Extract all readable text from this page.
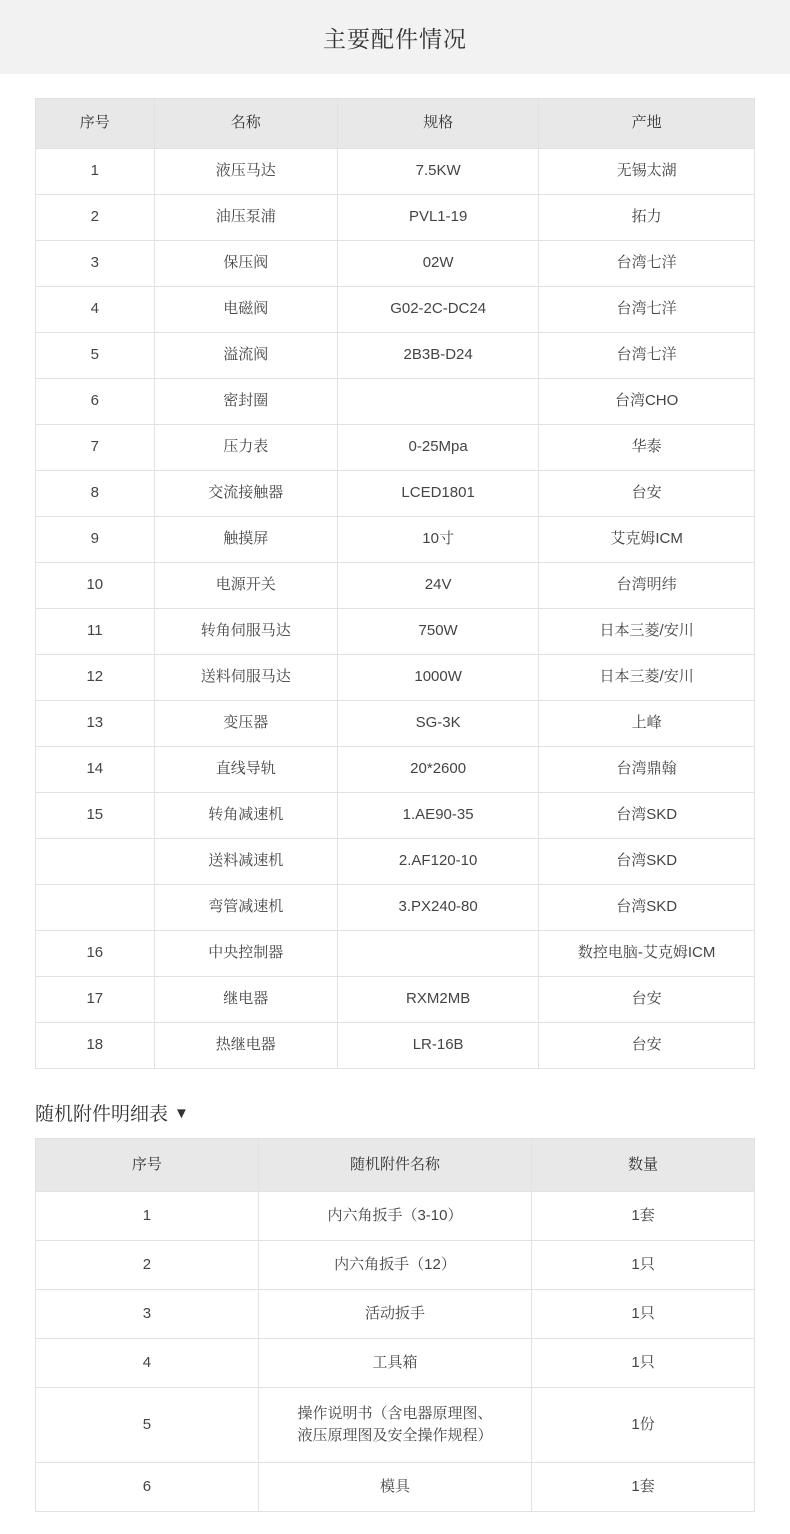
主要配件情况
序号	名称	规格	产地
1	液压马达	7.5KW	无锡太湖
2	油压泵浦	PVL1-19	拓力
3	保压阀	02W	台湾七洋
4	电磁阀	G02-2C-DC24	台湾七洋
5	溢流阀	2B3B-D24	台湾七洋
6	密封圈		台湾CHO
7	压力表	0-25Mpa	华泰
8	交流接触器	LCED1801	台安
9	触摸屏	10寸	艾克姆ICM
10	电源开关	24V	台湾明纬
11	转角伺服马达	750W	日本三菱/安川
12	送料伺服马达	1000W	日本三菱/安川
13	变压器	SG-3K	上峰
14	直线导轨	20*2600	台湾鼎翰
15	转角减速机	1.AE90-35	台湾SKD
	送料减速机	2.AF120-10	台湾SKD
	弯管减速机	3.PX240-80	台湾SKD
16	中央控制器		数控电脑-艾克姆ICM
17	继电器	RXM2MB	台安
18	热继电器	LR-16B	台安
随机附件明细表 ▼
序号	随机附件名称	数量
1	内六角扳手（3-10）	1套
2	内六角扳手（12）	1只
3	活动扳手	1只
4	工具箱	1只
5	操作说明书（含电器原理图、
液压原理图及安全操作规程）	1份
6	模具	1套
